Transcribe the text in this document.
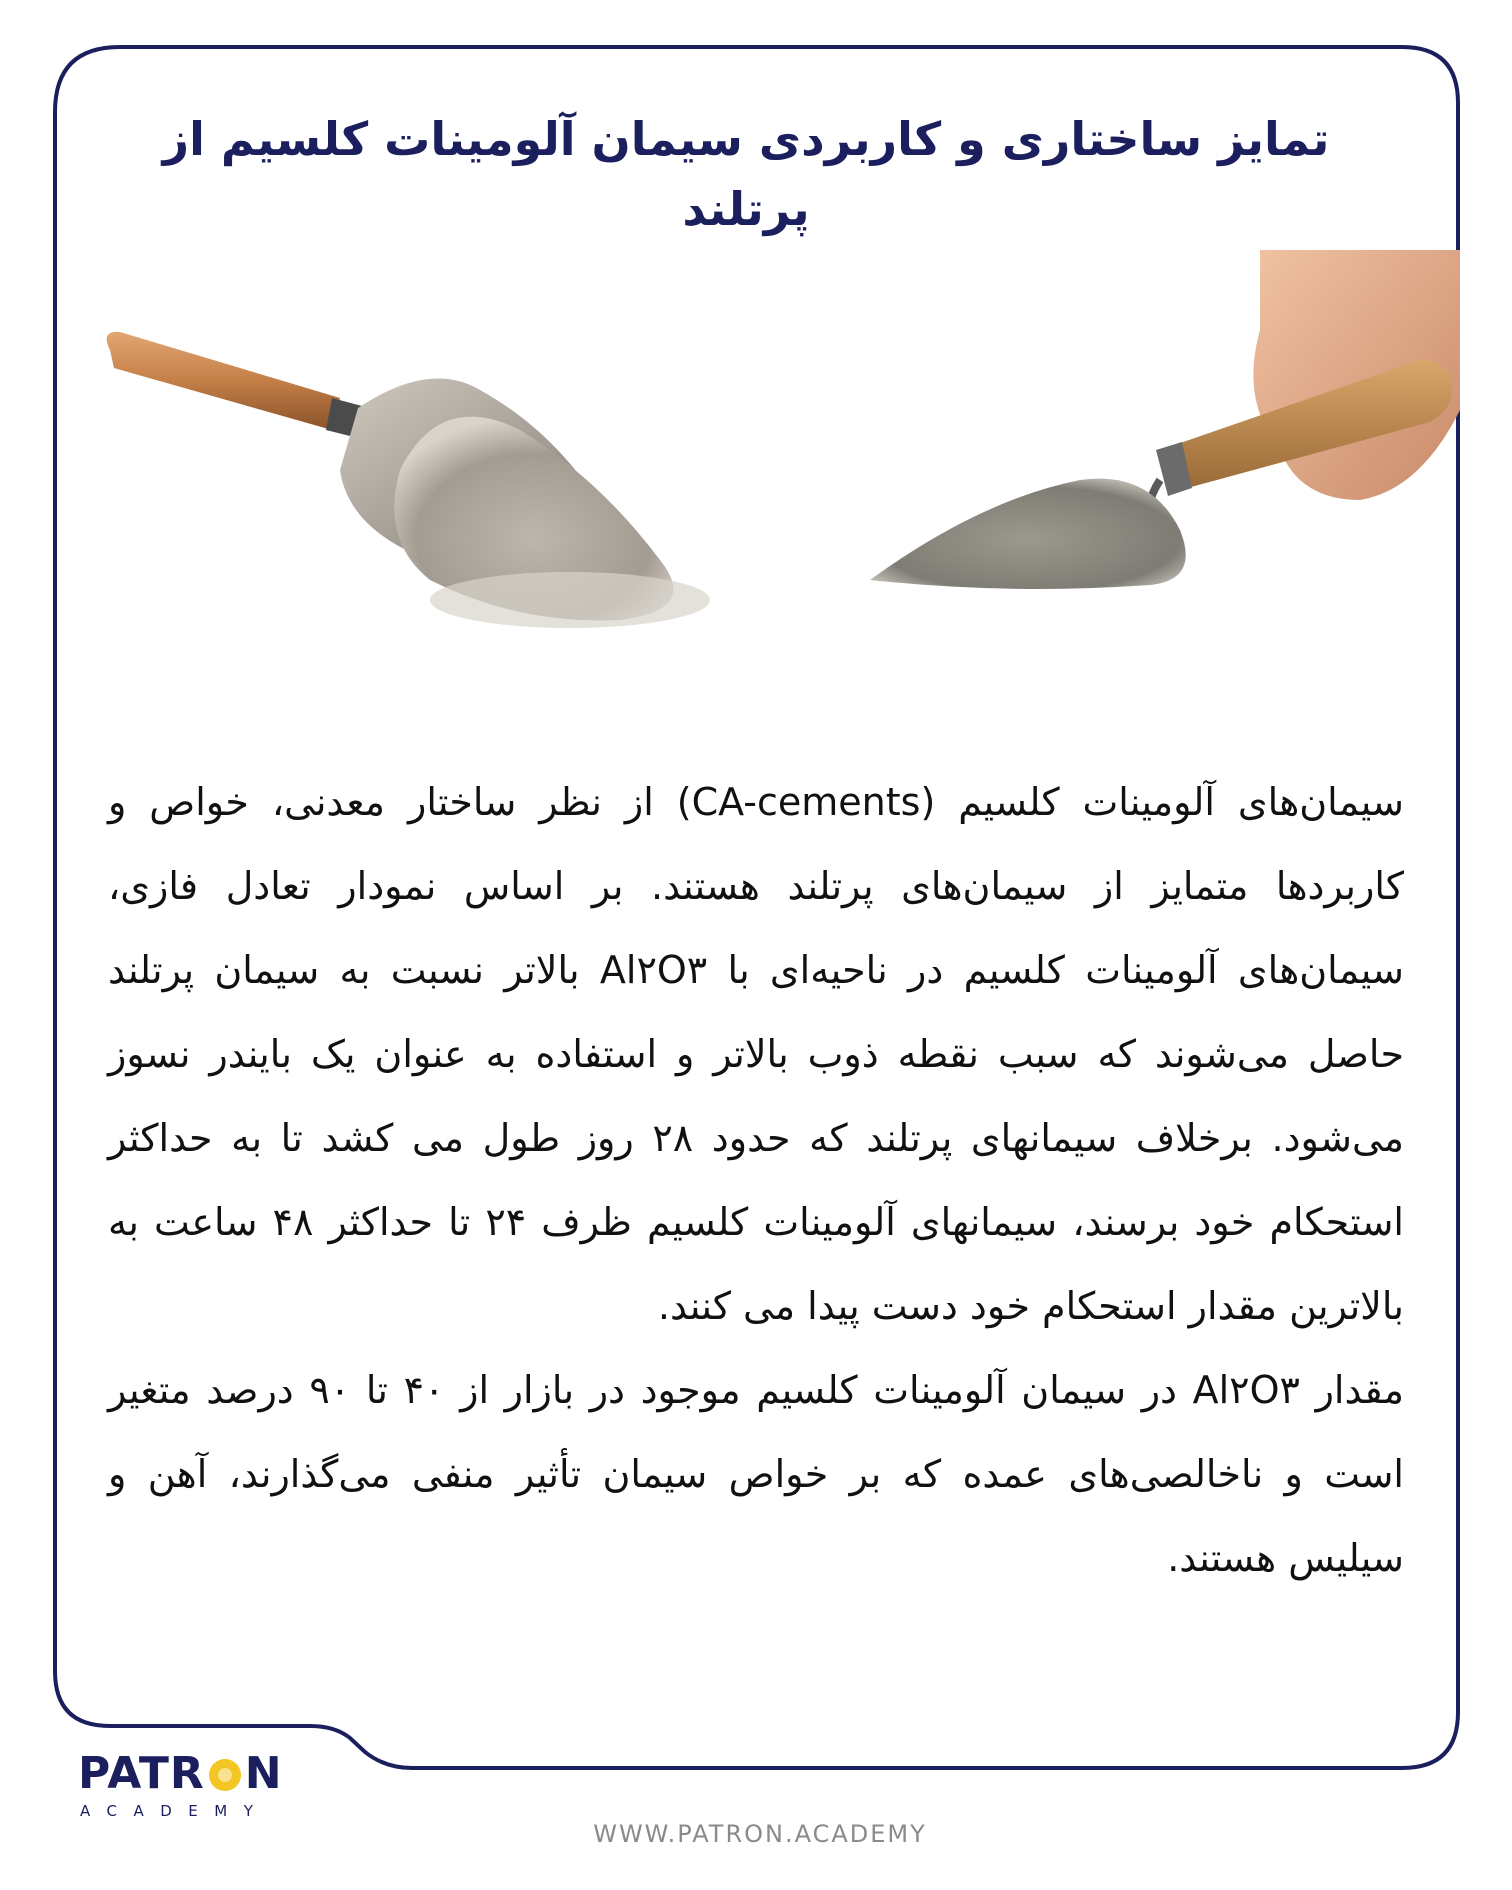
تمایز ساختاری و کاربردی سیمان آلومینات کلسیم از پرتلند

سیمان‌های آلومینات کلسیم (CA-cements) از نظر ساختار معدنی، خواص و کاربردها متمایز از سیمان‌های پرتلند هستند. بر اساس نمودار تعادل فازی، سیمان‌های آلومینات کلسیم در ناحیه‌ای با Al۲O۳ بالاتر نسبت به سیمان پرتلند حاصل می‌شوند که سبب نقطه ذوب بالاتر و استفاده به عنوان یک بایندر نسوز می‌شود. برخلاف سیمانهای پرتلند که حدود ۲۸ روز طول می کشد تا به حداکثر استحکام خود برسند، سیمانهای آلومینات کلسیم ظرف ۲۴ تا حداکثر ۴۸ ساعت به بالاترین مقدار استحکام خود دست پیدا می کنند.

مقدار Al۲O۳ در سیمان آلومینات کلسیم موجود در بازار از ۴۰ تا ۹۰ درصد متغیر است و ناخالصی‌های عمده که بر خواص سیمان تأثیر منفی می‌گذارند، آهن و سیلیس هستند.

PATR N
ACADEMY
WWW.PATRON.ACADEMY
